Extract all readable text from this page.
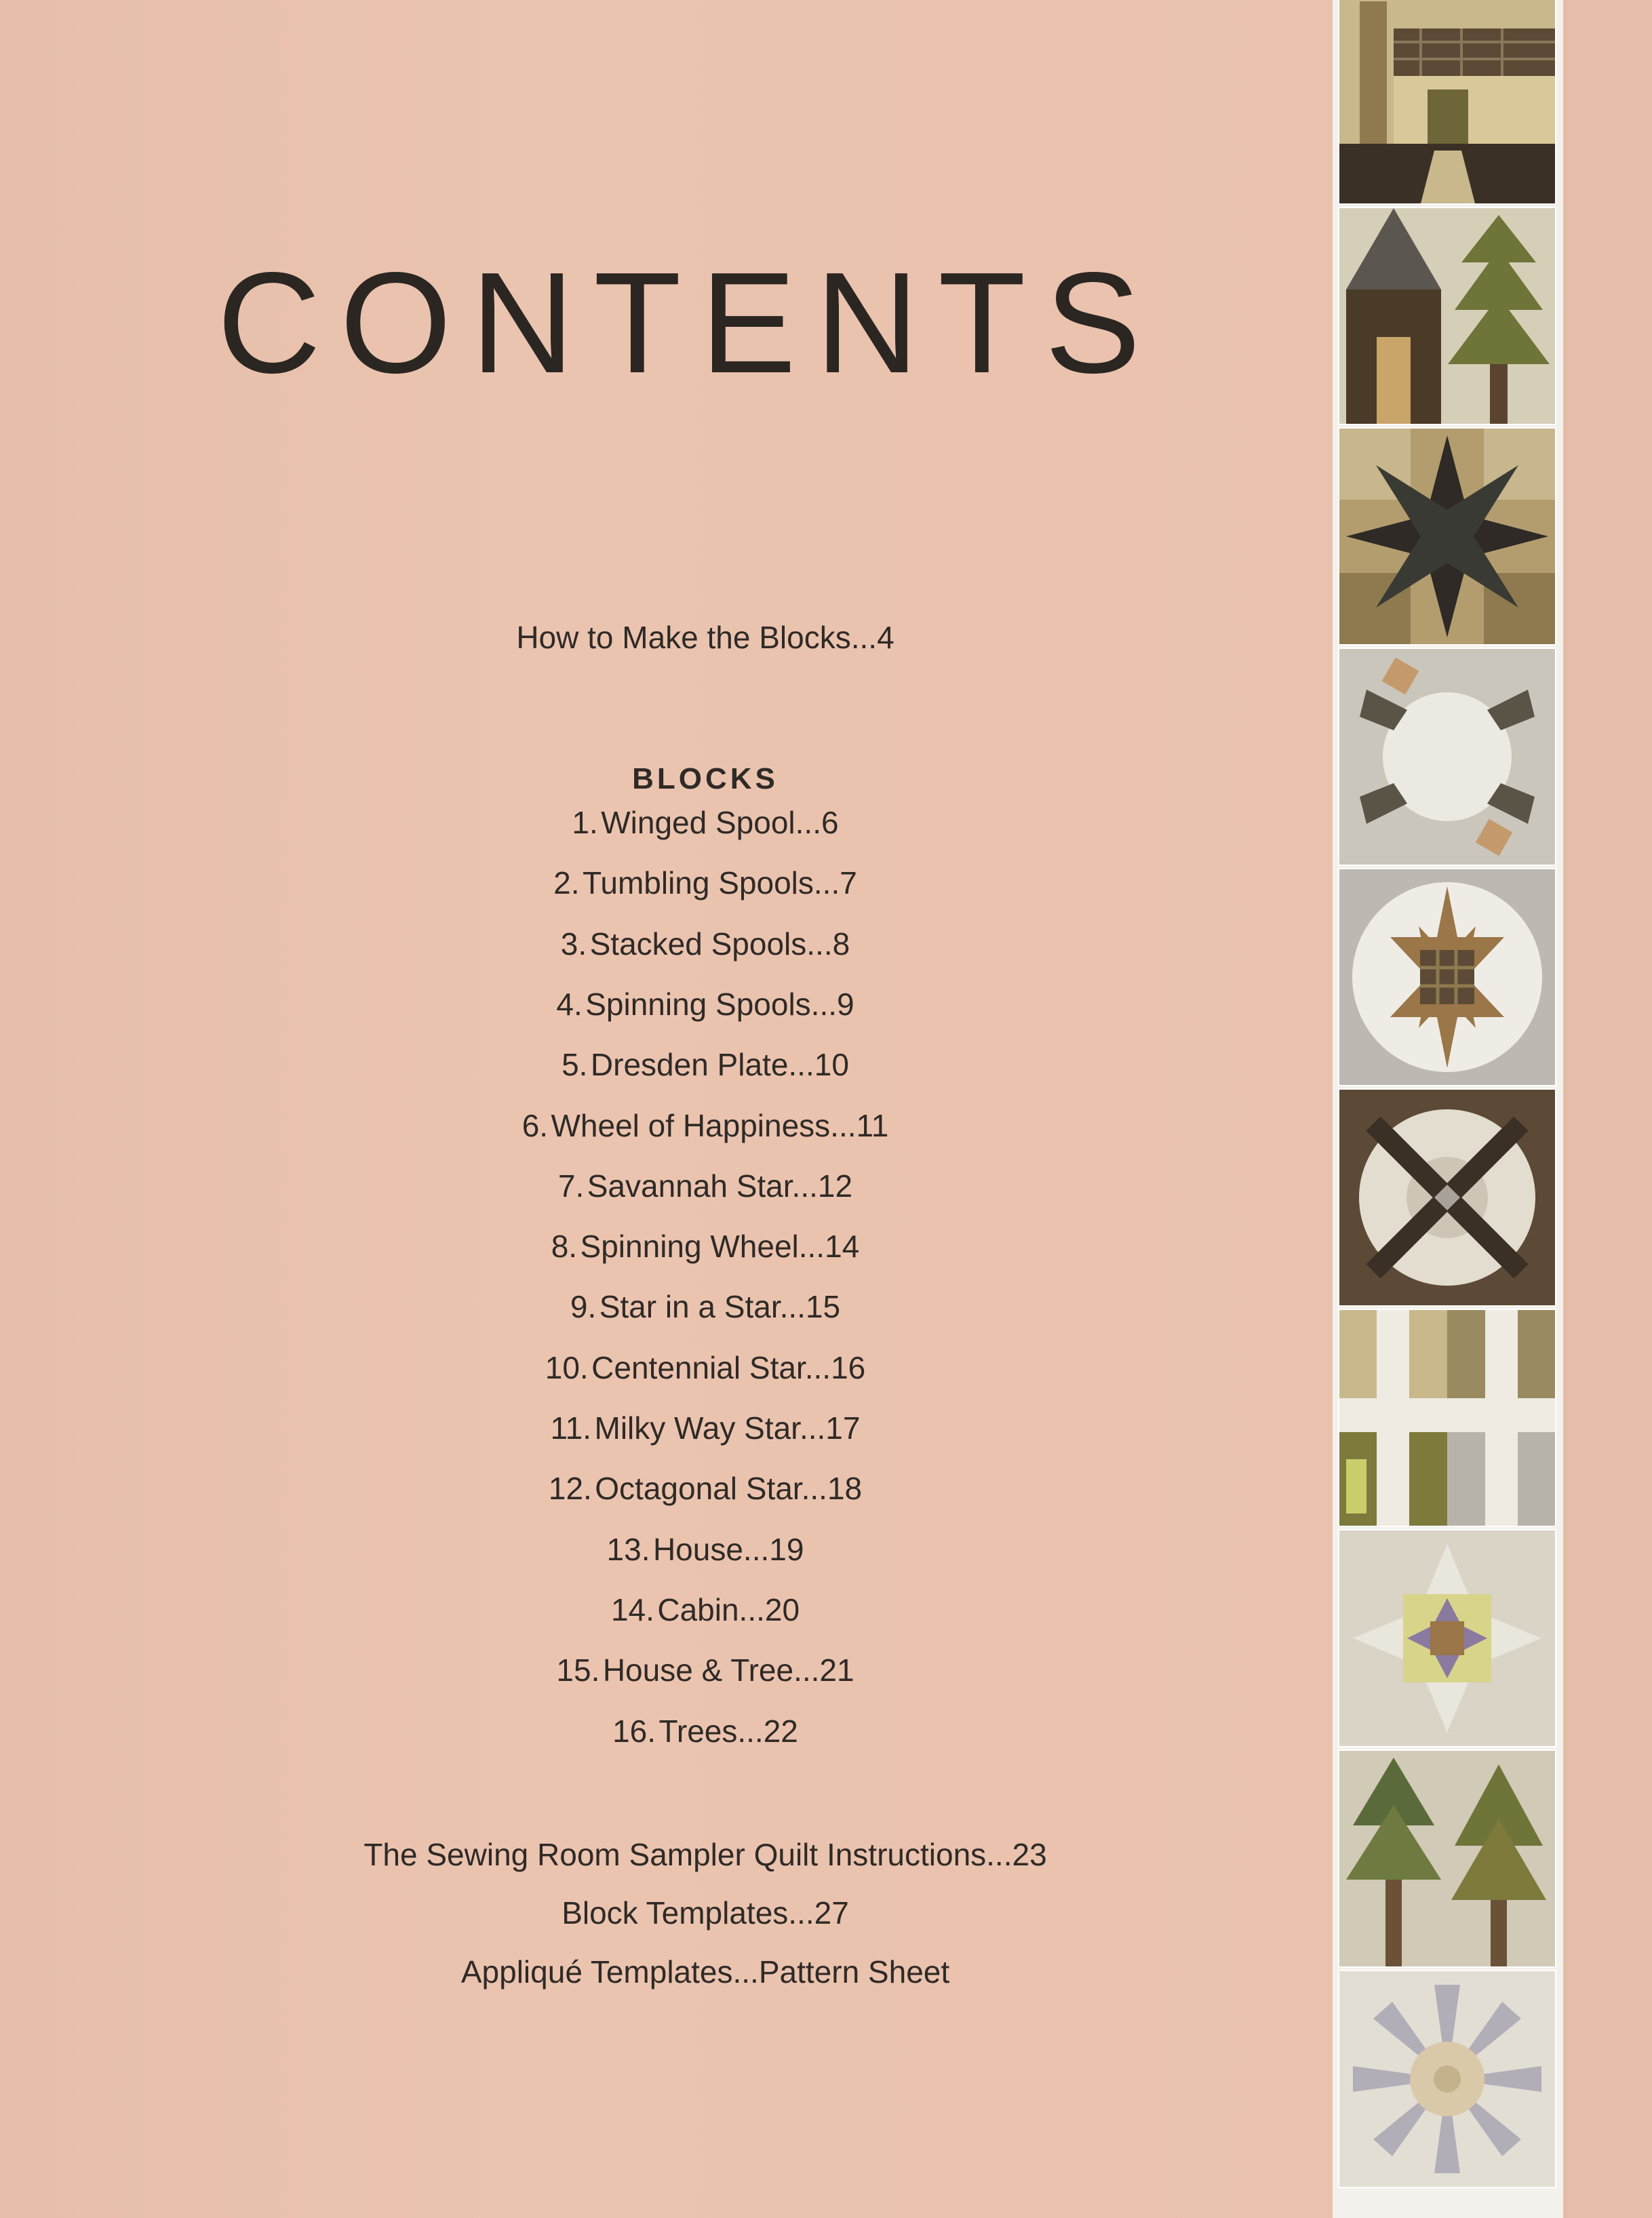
CONTENTS
How to Make the Blocks...4
BLOCKS
1. Winged Spool...6
2. Tumbling Spools...7
3. Stacked Spools...8
4. Spinning Spools...9
5. Dresden Plate...10
6. Wheel of Happiness...11
7. Savannah Star...12
8. Spinning Wheel...14
9. Star in a Star...15
10. Centennial Star...16
11. Milky Way Star...17
12. Octagonal Star...18
13. House...19
14. Cabin...20
15. House & Tree...21
16. Trees...22
The Sewing Room Sampler Quilt Instructions...23
Block Templates...27
Appliqué Templates...Pattern Sheet
